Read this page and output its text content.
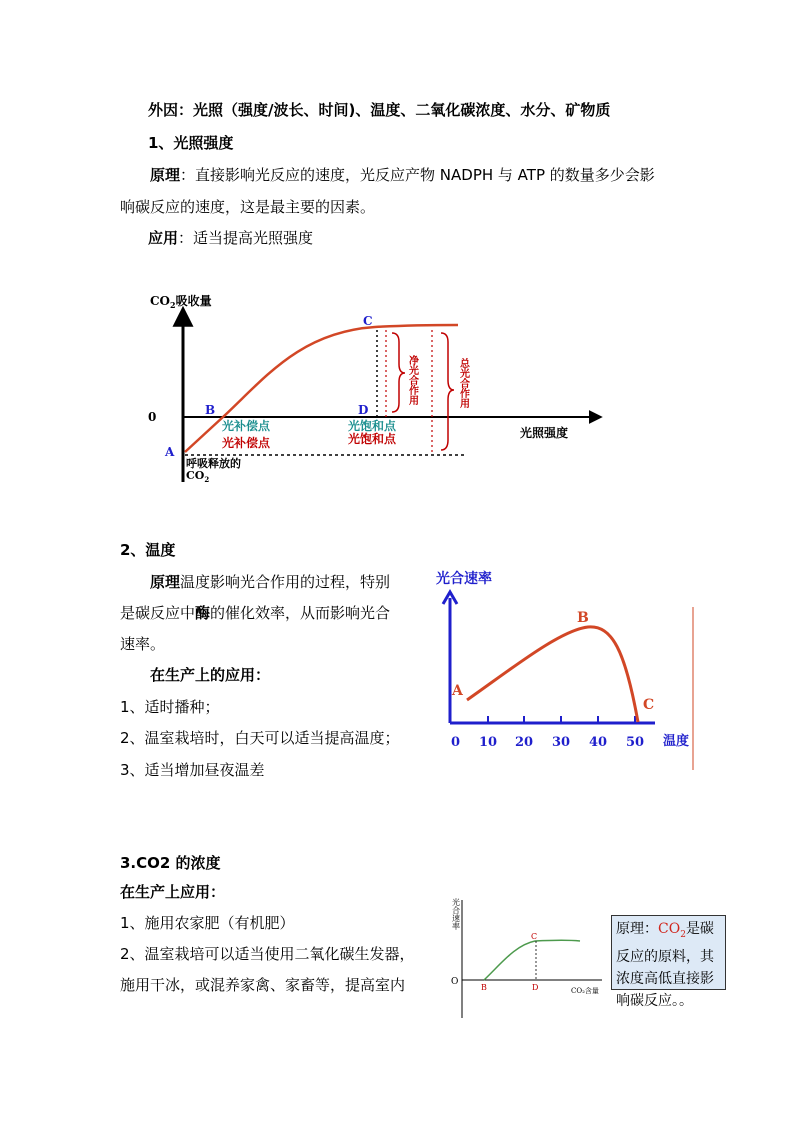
外因：光照（强度/波长、时间)、温度、二氧化碳浓度、水分、矿物质
1、光照强度
原理：直接影响光反应的速度，光反应产物 NADPH 与 ATP 的数量多少会影
响碳反应的速度，这是最主要的因素。
应用：适当提高光照强度
$CO_2$吸收量
0
光照强度
A
B
C
D
光补偿点
光补偿点
光饱和点
光饱和点
呼吸释放的
$CO_2$
净光合作用	总光合作用
2、温度
原理温度影响光合作用的过程，特别
是碳反应中酶的催化效率，从而影响光合
速率。
在生产上的应用：
1、适时播种；
2、温室栽培时，白天可以适当提高温度；
3、适当增加昼夜温差
光合速率
0 10 20 30 40 50 温度
A
B
C
3.CO2 的浓度
在生产上应用：
1、施用农家肥（有机肥）
2、温室栽培可以适当使用二氧化碳生发器，
施用干冰，或混养家禽、家畜等，提高室内
光合速率
O
B
C
D	CO₂含量
原理：$CO_2$是碳
反应的原料，其
浓度高低直接影
响碳反应。。
